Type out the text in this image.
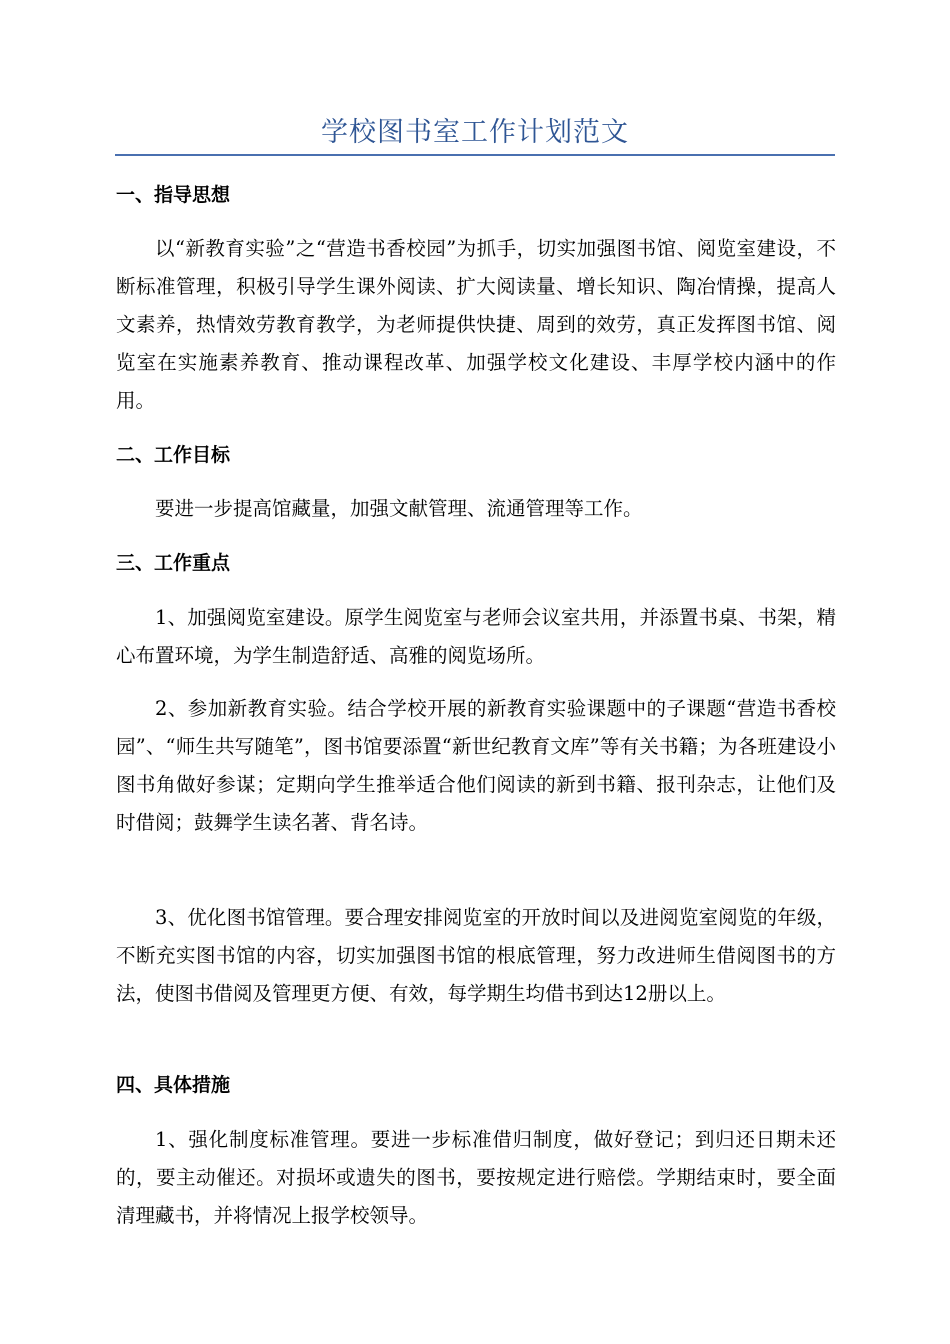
学校图书室工作计划范文
一、指导思想
以“新教育实验”之“营造书香校园”为抓手，切实加强图书馆、阅览室建设，不断标准管理，积极引导学生课外阅读、扩大阅读量、增长知识、陶冶情操，提高人文素养，热情效劳教育教学，为老师提供快捷、周到的效劳，真正发挥图书馆、阅览室在实施素养教育、推动课程改革、加强学校文化建设、丰厚学校内涵中的作用。
二、工作目标
要进一步提高馆藏量，加强文献管理、流通管理等工作。
三、工作重点
1、加强阅览室建设。原学生阅览室与老师会议室共用，并添置书桌、书架，精心布置环境，为学生制造舒适、高雅的阅览场所。
2、参加新教育实验。结合学校开展的新教育实验课题中的子课题“营造书香校园”、“师生共写随笔”，图书馆要添置“新世纪教育文库”等有关书籍；为各班建设小图书角做好参谋；定期向学生推举适合他们阅读的新到书籍、报刊杂志，让他们及时借阅；鼓舞学生读名著、背名诗。
3、优化图书馆管理。要合理安排阅览室的开放时间以及进阅览室阅览的年级，不断充实图书馆的内容，切实加强图书馆的根底管理，努力改进师生借阅图书的方法，使图书借阅及管理更方便、有效，每学期生均借书到达12册以上。
四、具体措施
1、强化制度标准管理。要进一步标准借归制度，做好登记；到归还日期未还的，要主动催还。对损坏或遗失的图书，要按规定进行赔偿。学期结束时，要全面清理藏书，并将情况上报学校领导。
